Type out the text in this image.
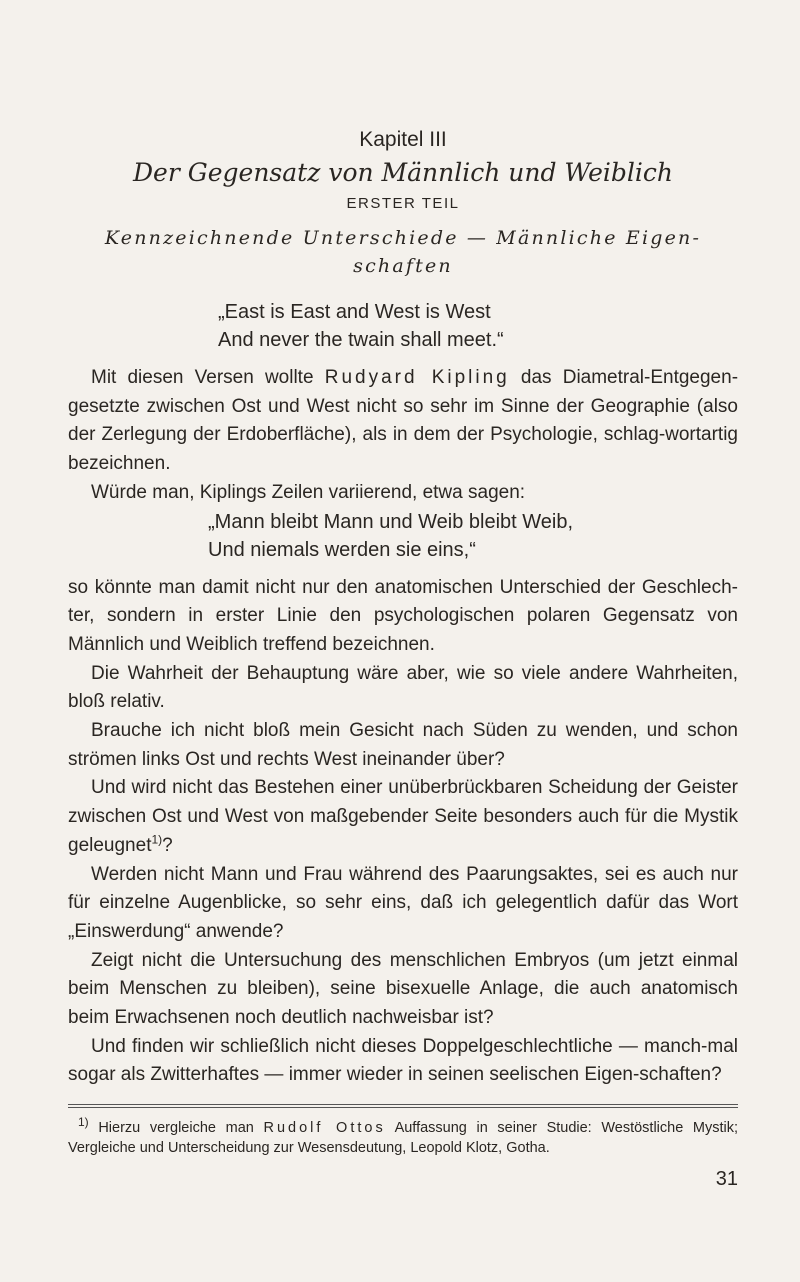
Kapitel III
Der Gegensatz von Männlich und Weiblich
ERSTER TEIL
Kennzeichnende Unterschiede — Männliche Eigen-schaften
„East is East and West is West
And never the twain shall meet.“

Mit diesen Versen wollte Rudyard Kipling das Diametral-Entgegen-gesetzte zwischen Ost und West nicht so sehr im Sinne der Geographie (also der Zerlegung der Erdoberfläche), als in dem der Psychologie, schlag-wortartig bezeichnen.

Würde man, Kiplings Zeilen variierend, etwa sagen:

„Mann bleibt Mann und Weib bleibt Weib,
Und niemals werden sie eins,“

so könnte man damit nicht nur den anatomischen Unterschied der Geschlech-ter, sondern in erster Linie den psychologischen polaren Gegensatz von Männlich und Weiblich treffend bezeichnen.

Die Wahrheit der Behauptung wäre aber, wie so viele andere Wahrheiten, bloß relativ.

Brauche ich nicht bloß mein Gesicht nach Süden zu wenden, und schon strömen links Ost und rechts West ineinander über?

Und wird nicht das Bestehen einer unüberbrückbaren Scheidung der Geister zwischen Ost und West von maßgebender Seite besonders auch für die Mystik geleugnet$^{1)}$?

Werden nicht Mann und Frau während des Paarungsaktes, sei es auch nur für einzelne Augenblicke, so sehr eins, daß ich gelegentlich dafür das Wort „Einswerdung“ anwende?

Zeigt nicht die Untersuchung des menschlichen Embryos (um jetzt einmal beim Menschen zu bleiben), seine bisexuelle Anlage, die auch anatomisch beim Erwachsenen noch deutlich nachweisbar ist?

Und finden wir schließlich nicht dieses Doppelgeschlechtliche — manch-mal sogar als Zwitterhaftes — immer wieder in seinen seelischen Eigen-schaften?

$^{1)}$ Hierzu vergleiche man Rudolf Ottos Auffassung in seiner Studie: Westöstliche Mystik; Vergleiche und Unterscheidung zur Wesensdeutung, Leopold Klotz, Gotha.
31
